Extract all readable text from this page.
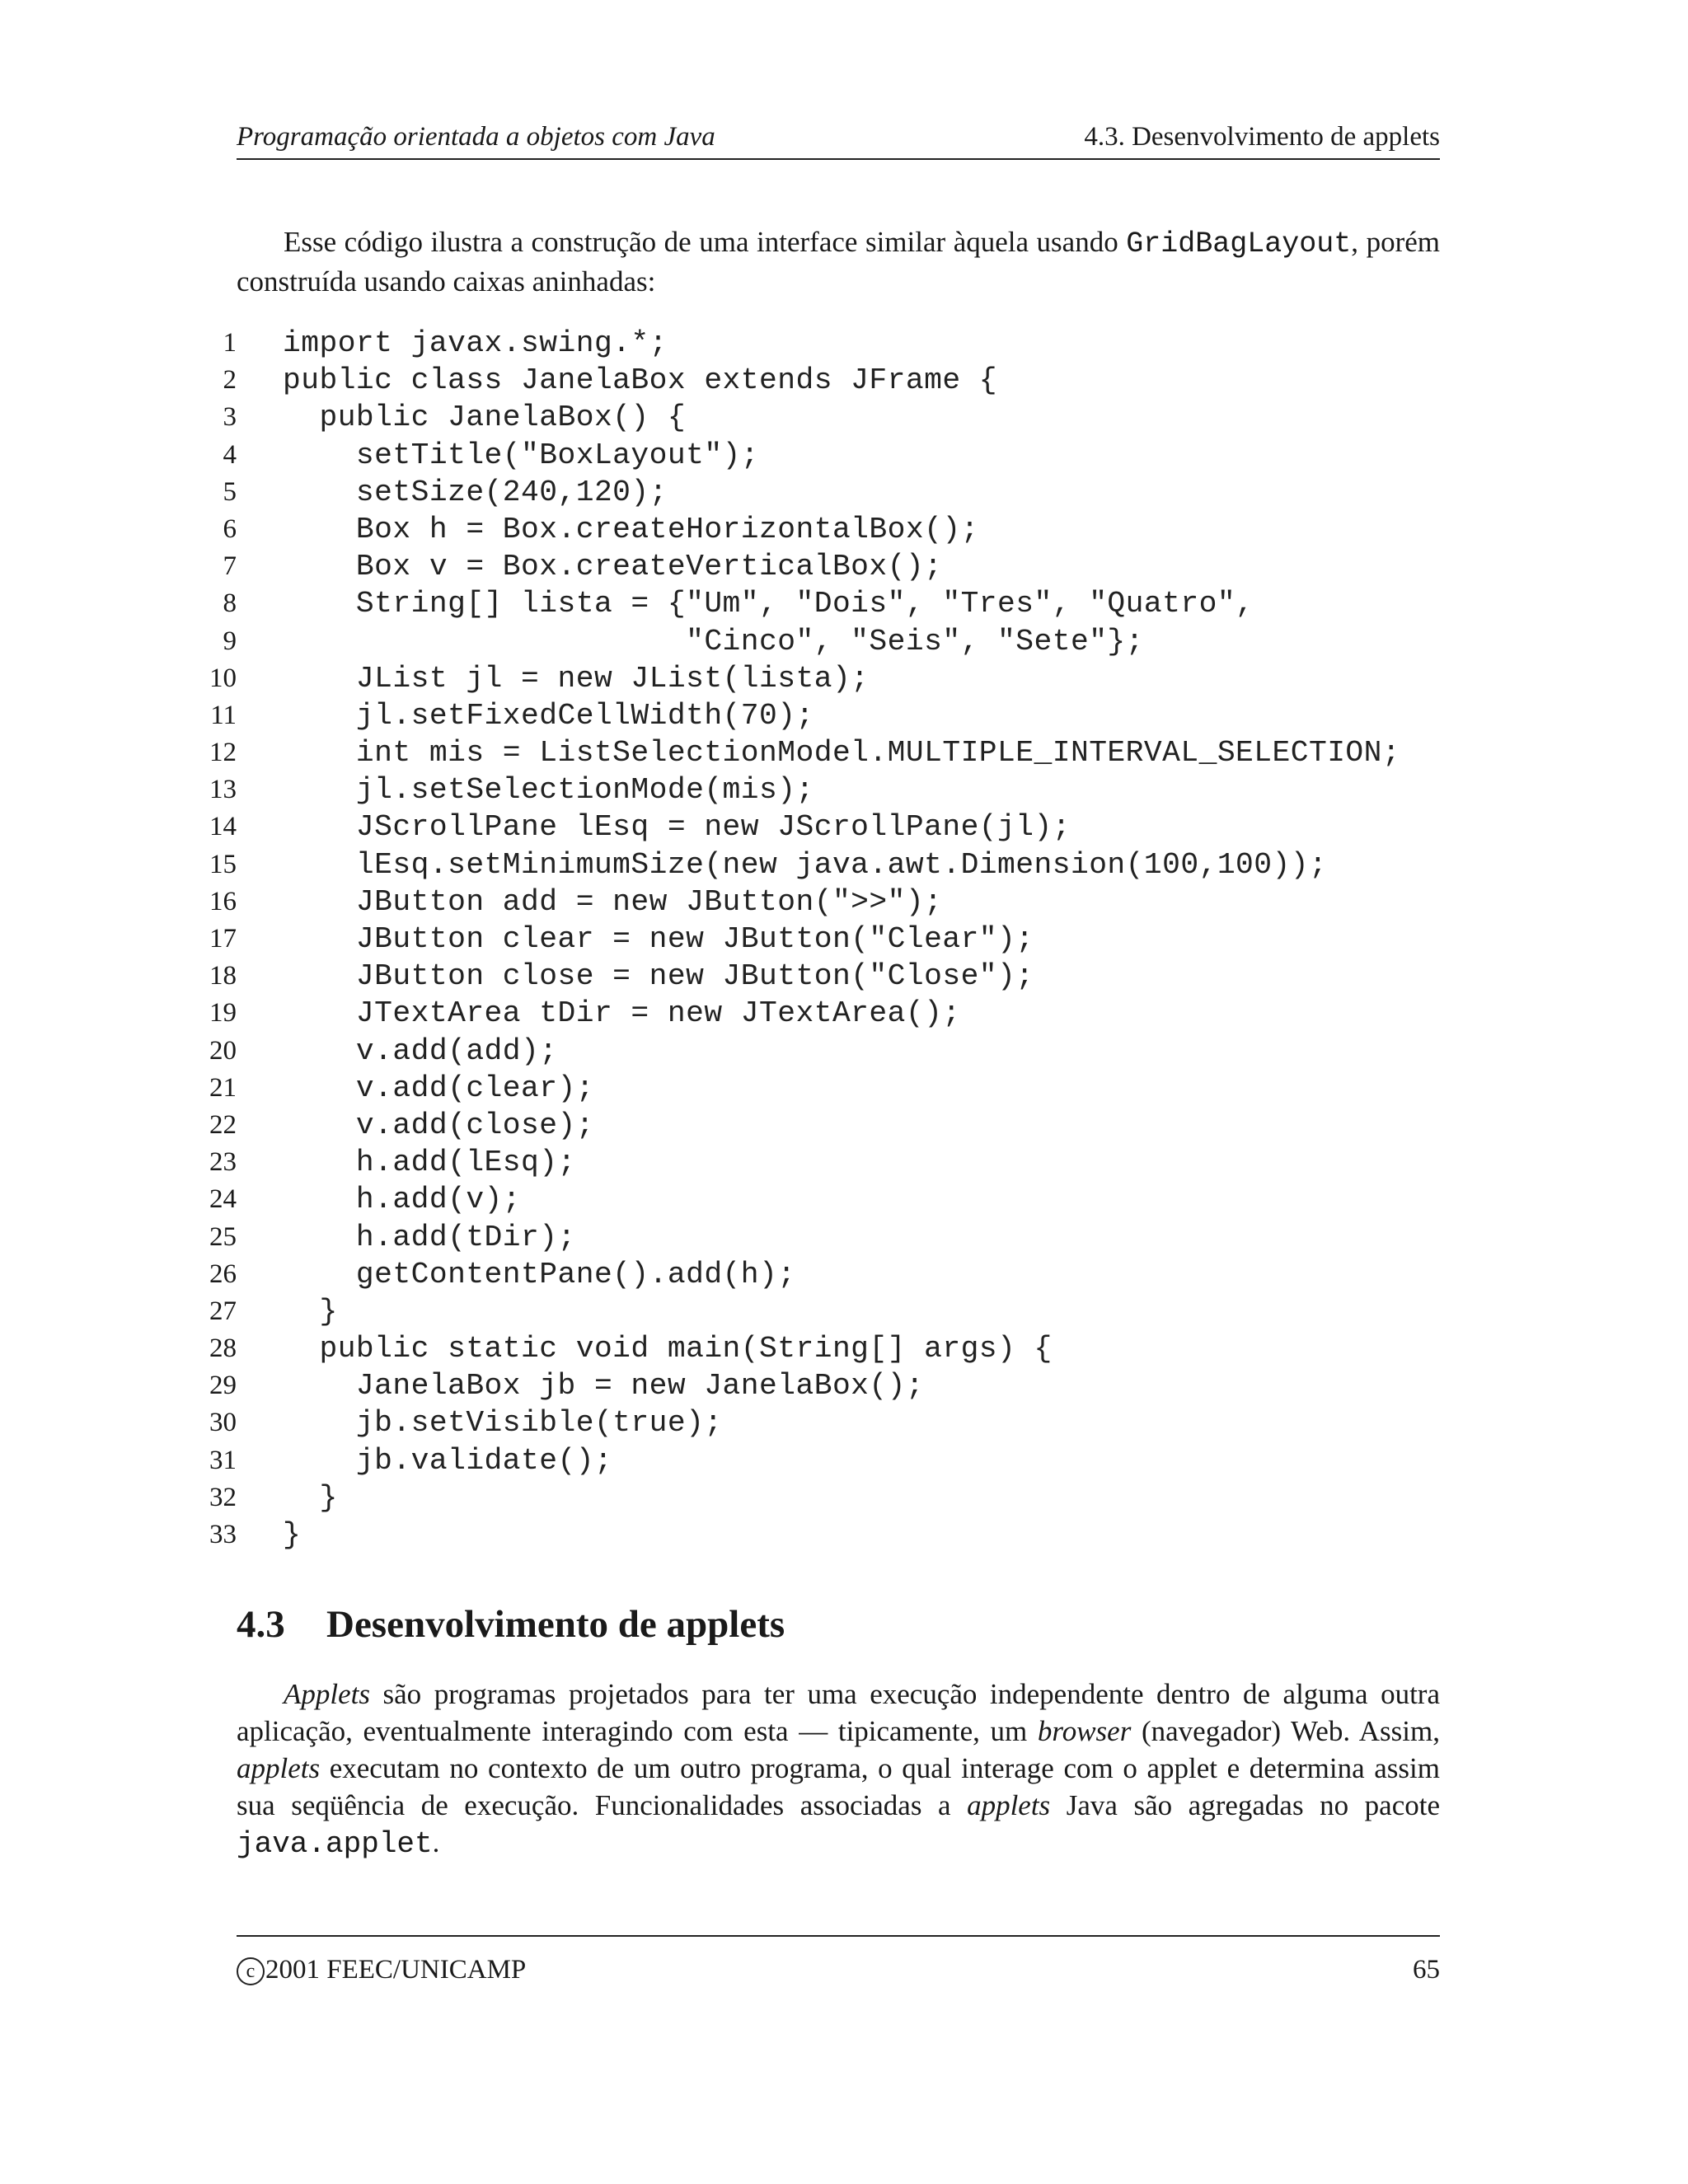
Programação orientada a objetos com Java	4.3. Desenvolvimento de applets

Esse código ilustra a construção de uma interface similar àquela usando GridBagLayout, porém construída usando caixas aninhadas:

1 import javax.swing.*;
2 public class JanelaBox extends JFrame {
3 public JanelaBox() {
4 setTitle("BoxLayout");
5 setSize(240,120);
6 Box h = Box.createHorizontalBox();
7 Box v = Box.createVerticalBox();
8 String[] lista = {"Um", "Dois", "Tres", "Quatro",
9 "Cinco", "Seis", "Sete"};
10 JList jl = new JList(lista);
11 jl.setFixedCellWidth(70);
12 int mis = ListSelectionModel.MULTIPLE_INTERVAL_SELECTION;
13 jl.setSelectionMode(mis);
14 JScrollPane lEsq = new JScrollPane(jl);
15 lEsq.setMinimumSize(new java.awt.Dimension(100,100));
16 JButton add = new JButton(">>");
17 JButton clear = new JButton("Clear");
18 JButton close = new JButton("Close");
19 JTextArea tDir = new JTextArea();
20 v.add(add);
21 v.add(clear);
22 v.add(close);
23 h.add(lEsq);
24 h.add(v);
25 h.add(tDir);
26 getContentPane().add(h);
27 }
28 public static void main(String[] args) {
29 JanelaBox jb = new JanelaBox();
30 jb.setVisible(true);
31 jb.validate();
32 }
33 }
4.3 Desenvolvimento de applets

Applets são programas projetados para ter uma execução independente dentro de alguma outra aplicação, eventualmente interagindo com esta — tipicamente, um browser (navegador) Web. Assim, applets executam no contexto de um outro programa, o qual interage com o applet e determina assim sua seqüência de execução. Funcionalidades associadas a applets Java são agregadas no pacote java.applet.

c 2001 FEEC/UNICAMP	65
